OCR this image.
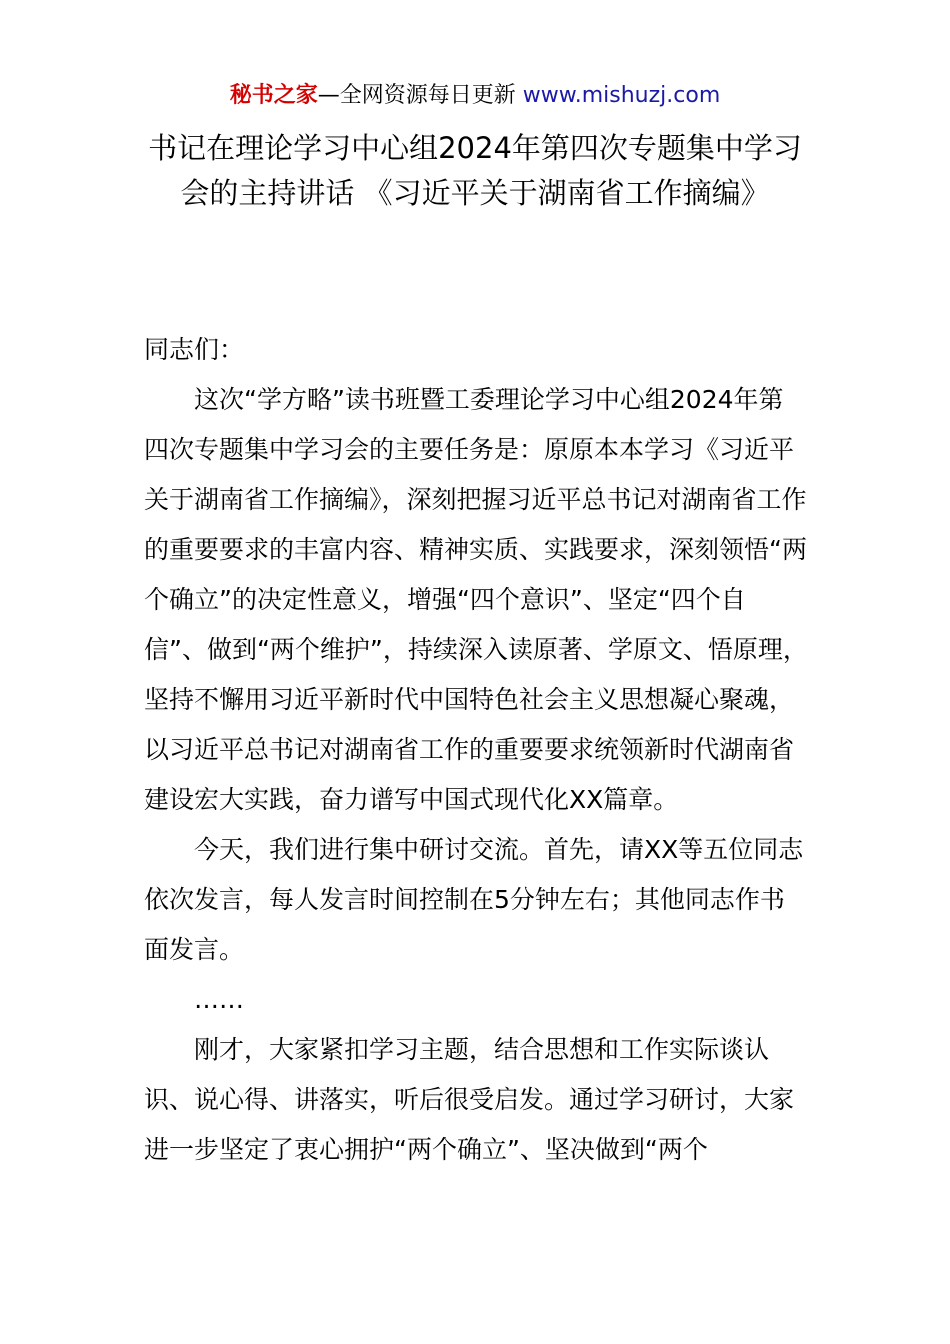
秘书之家—全网资源每日更新 www.mishuzj.com
书记在理论学习中心组2024年第四次专题集中学习会的主持讲话 《习近平关于湖南省工作摘编》

同志们：

这次“学方略”读书班暨工委理论学习中心组2024年第四次专题集中学习会的主要任务是：原原本本学习《习近平关于湖南省工作摘编》，深刻把握习近平总书记对湖南省工作的重要要求的丰富内容、精神实质、实践要求，深刻领悟“两个确立”的决定性意义，增强“四个意识”、坚定“四个自信”、做到“两个维护”，持续深入读原著、学原文、悟原理，坚持不懈用习近平新时代中国特色社会主义思想凝心聚魂，以习近平总书记对湖南省工作的重要要求统领新时代湖南省建设宏大实践，奋力谱写中国式现代化XX篇章。

今天，我们进行集中研讨交流。首先，请XX等五位同志依次发言，每人发言时间控制在5分钟左右；其他同志作书面发言。

……

刚才，大家紧扣学习主题，结合思想和工作实际谈认识、说心得、讲落实，听后很受启发。通过学习研讨，大家进一步坚定了衷心拥护“两个确立”、坚决做到“两个
